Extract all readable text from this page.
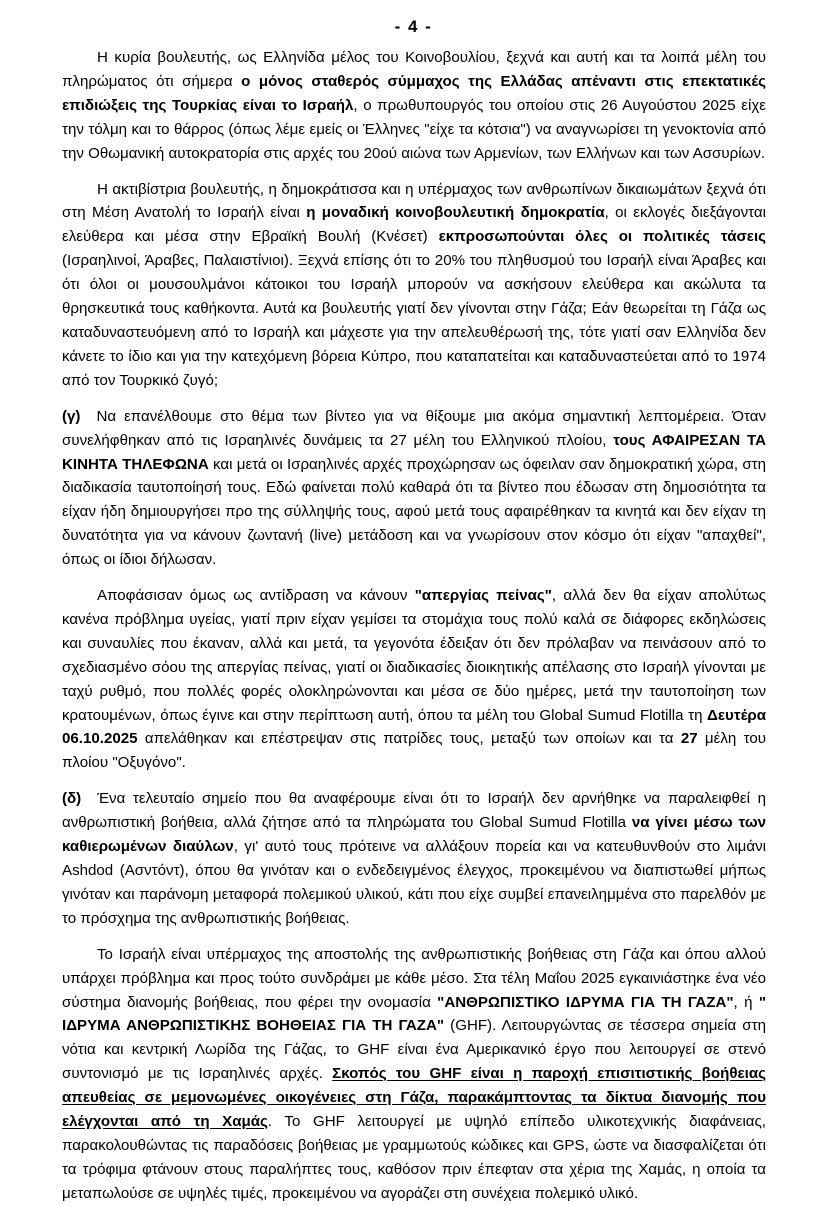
- 4 -

Η κυρία βουλευτής, ως Ελληνίδα μέλος του Κοινοβουλίου, ξεχνά και αυτή και τα λοιπά μέλη του πληρώματος ότι σήμερα ο μόνος σταθερός σύμμαχος της Ελλάδας απέναντι στις επεκτατικές επιδιώξεις της Τουρκίας είναι το Ισραήλ, ο πρωθυπουργός του οποίου στις 26 Αυγούστου 2025 είχε την τόλμη και το θάρρος (όπως λέμε εμείς οι Έλληνες "είχε τα κότσια") να αναγνωρίσει τη γενοκτονία από την Οθωμανική αυτοκρατορία στις αρχές του 20ού αιώνα των Αρμενίων, των Ελλήνων και των Ασσυρίων.

Η ακτιβίστρια βουλευτής, η δημοκράτισσα και η υπέρμαχος των ανθρωπίνων δικαιωμάτων ξεχνά ότι στη Μέση Ανατολή το Ισραήλ είναι η μοναδική κοινοβουλευτική δημοκρατία, οι εκλογές διεξάγονται ελεύθερα και μέσα στην Εβραϊκή Βουλή (Κνέσετ) εκπροσωπούνται όλες οι πολιτικές τάσεις (Ισραηλινοί, Άραβες, Παλαιστίνιοι). Ξεχνά επίσης ότι το 20% του πληθυσμού του Ισραήλ είναι Άραβες και ότι όλοι οι μουσουλμάνοι κάτοικοι του Ισραήλ μπορούν να ασκήσουν ελεύθερα και ακώλυτα τα θρησκευτικά τους καθήκοντα. Αυτά κα βουλευτής γιατί δεν γίνονται στην Γάζα; Εάν θεωρείται τη Γάζα ως καταδυναστευόμενη από το Ισραήλ και μάχεστε για την απελευθέρωσή της, τότε γιατί σαν Ελληνίδα δεν κάνετε το ίδιο και για την κατεχόμενη βόρεια Κύπρο, που καταπατείται και καταδυναστεύεται από το 1974 από τον Τουρκικό ζυγό;

(γ) Να επανέλθουμε στο θέμα των βίντεο για να θίξουμε μια ακόμα σημαντική λεπτομέρεια. Όταν συνελήφθηκαν από τις Ισραηλινές δυνάμεις τα 27 μέλη του Ελληνικού πλοίου, τους ΑΦΑΙΡΕΣΑΝ ΤΑ ΚΙΝΗΤΑ ΤΗΛΕΦΩΝΑ και μετά οι Ισραηλινές αρχές προχώρησαν ως όφειλαν σαν δημοκρατική χώρα, στη διαδικασία ταυτοποίησή τους. Εδώ φαίνεται πολύ καθαρά ότι τα βίντεο που έδωσαν στη δημοσιότητα τα είχαν ήδη δημιουργήσει προ της σύλληψής τους, αφού μετά τους αφαιρέθηκαν τα κινητά και δεν είχαν τη δυνατότητα για να κάνουν ζωντανή (live) μετάδοση και να γνωρίσουν στον κόσμο ότι είχαν "απαχθεί", όπως οι ίδιοι δήλωσαν.

Αποφάσισαν όμως ως αντίδραση να κάνουν "απεργίας πείνας", αλλά δεν θα είχαν απολύτως κανένα πρόβλημα υγείας, γιατί πριν είχαν γεμίσει τα στομάχια τους πολύ καλά σε διάφορες εκδηλώσεις και συναυλίες που έκαναν, αλλά και μετά, τα γεγονότα έδειξαν ότι δεν πρόλαβαν να πεινάσουν από το σχεδιασμένο σόου της απεργίας πείνας, γιατί οι διαδικασίες διοικητικής απέλασης στο Ισραήλ γίνονται με ταχύ ρυθμό, που πολλές φορές ολοκληρώνονται και μέσα σε δύο ημέρες, μετά την ταυτοποίηση των κρατουμένων, όπως έγινε και στην περίπτωση αυτή, όπου τα μέλη του Global Sumud Flotilla τη Δευτέρα 06.10.2025 απελάθηκαν και επέστρεψαν στις πατρίδες τους, μεταξύ των οποίων και τα 27 μέλη του πλοίου "Οξυγόνο".

(δ) Ένα τελευταίο σημείο που θα αναφέρουμε είναι ότι το Ισραήλ δεν αρνήθηκε να παραλειφθεί η ανθρωπιστική βοήθεια, αλλά ζήτησε από τα πληρώματα του Global Sumud Flotilla να γίνει μέσω των καθιερωμένων διαύλων, γι' αυτό τους πρότεινε να αλλάξουν πορεία και να κατευθυνθούν στο λιμάνι Ashdod (Ασντόντ), όπου θα γινόταν και ο ενδεδειγμένος έλεγχος, προκειμένου να διαπιστωθεί μήπως γινόταν και παράνομη μεταφορά πολεμικού υλικού, κάτι που είχε συμβεί επανειλημμένα στο παρελθόν με το πρόσχημα της ανθρωπιστικής βοήθειας.

Το Ισραήλ είναι υπέρμαχος της αποστολής της ανθρωπιστικής βοήθειας στη Γάζα και όπου αλλού υπάρχει πρόβλημα και προς τούτο συνδράμει με κάθε μέσο. Στα τέλη Μαΐου 2025 εγκαινιάστηκε ένα νέο σύστημα διανομής βοήθειας, που φέρει την ονομασία "ΑΝΘΡΩΠΙΣΤΙΚΟ ΙΔΡΥΜΑ ΓΙΑ ΤΗ ΓΑΖΑ", ή " ΙΔΡΥΜΑ ΑΝΘΡΩΠΙΣΤΙΚΗΣ ΒΟΗΘΕΙΑΣ ΓΙΑ ΤΗ ΓΑΖΑ" (GHF). Λειτουργώντας σε τέσσερα σημεία στη νότια και κεντρική Λωρίδα της Γάζας, το GHF είναι ένα Αμερικανικό έργο που λειτουργεί σε στενό συντονισμό με τις Ισραηλινές αρχές. Σκοπός του GHF είναι η παροχή επισιτιστικής βοήθειας απευθείας σε μεμονωμένες οικογένειες στη Γάζα, παρακάμπτοντας τα δίκτυα διανομής που ελέγχονται από τη Χαμάς. Το GHF λειτουργεί με υψηλό επίπεδο υλικοτεχνικής διαφάνειας, παρακολουθώντας τις παραδόσεις βοήθειας με γραμμωτούς κώδικες και GPS, ώστε να διασφαλίζεται ότι τα τρόφιμα φτάνουν στους παραλήπτες τους, καθόσον πριν έπεφταν στα χέρια της Χαμάς, η οποία τα μεταπωλούσε σε υψηλές τιμές, προκειμένου να αγοράζει στη συνέχεια πολεμικό υλικό.
